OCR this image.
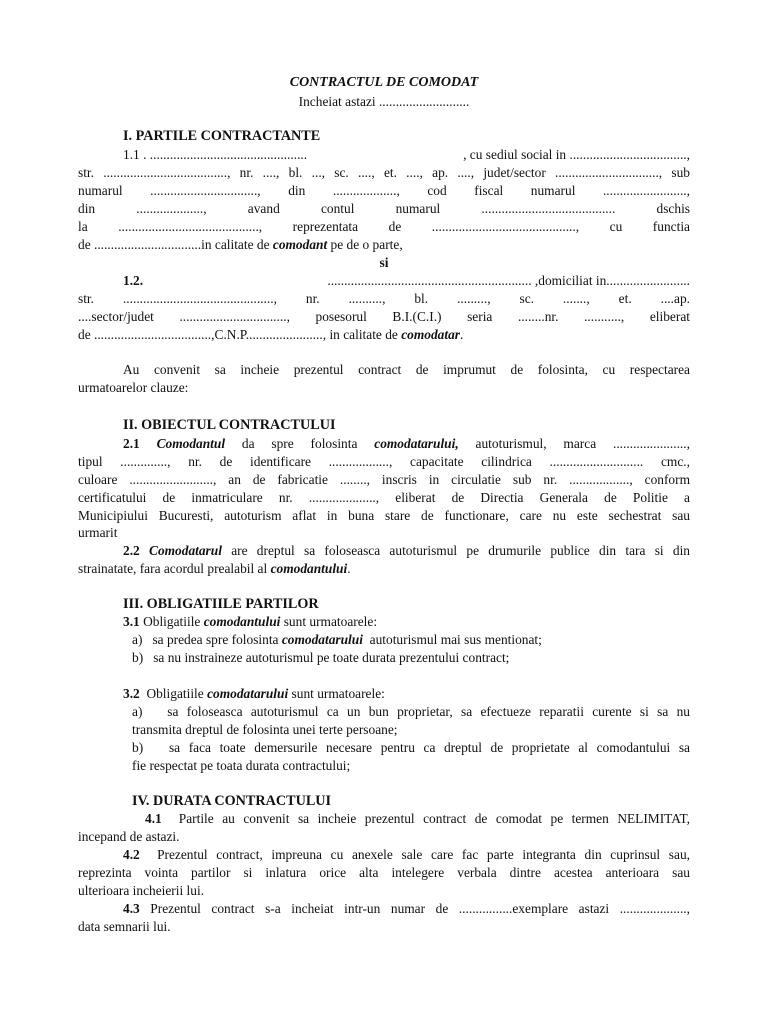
CONTRACTUL DE COMODAT
Incheiat astazi ...........................
I. PARTILE CONTRACTANTE
1.1 . ...............................................	, cu sediul social in ...................................,
str. ....................................., nr. ...., bl. ..., sc. ...., et. ...., ap. ...., judet/sector ..............................., sub
numarul ................................, din ..................., cod fiscal numarul .........................,
din ...................., avand contul numarul ........................................ dschis
la .........................................., reprezentata de ..........................................., cu functia
de ................................in calitate de comodant pe de o parte,
si
1.2.	............................................................. ,domiciliat in.........................
str. ............................................., nr. .........., bl. ........., sc. ......., et. ....ap.
....sector/judet ................................, posesorul B.I.(C.I.) seria ........nr. ..........., eliberat
de ...................................,C.N.P......................., in calitate de comodatar.
Au convenit sa incheie prezentul contract de imprumut de folosinta, cu respectarea
urmatoarelor clauze:
II. OBIECTUL CONTRACTULUI
2.1 Comodantul da spre folosinta comodatarului, autoturismul, marca ......................,
tipul .............., nr. de identificare .................., capacitate cilindrica ............................ cmc.,
culoare ........................., an de fabricatie ........, inscris in circulatie sub nr. .................., conform
certificatului de inmatriculare nr. ...................., eliberat de Directia Generala de Politie a
Municipiului Bucuresti, autoturism aflat in buna stare de functionare, care nu este sechestrat sau
urmarit
2.2 Comodatarul are dreptul sa foloseasca autoturismul pe drumurile publice din tara si din
strainatate, fara acordul prealabil al comodantului.
III. OBLIGATIILE PARTILOR
3.1 Obligatiile comodantului sunt urmatoarele:
a)   sa predea spre folosinta comodatarului  autoturismul mai sus mentionat;
b)   sa nu instraineze autoturismul pe toate durata prezentului contract;
3.2  Obligatiile comodatarului sunt urmatoarele:
a)   sa foloseasca autoturismul ca un bun proprietar, sa efectueze reparatii curente si sa nu
transmita dreptul de folosinta unei terte persoane;
b)   sa faca toate demersurile necesare pentru ca dreptul de proprietate al comodantului sa
fie respectat pe toata durata contractului;
IV. DURATA CONTRACTULUI
4.1  Partile au convenit sa incheie prezentul contract de comodat pe termen NELIMITAT,
incepand de astazi.
4.2  Prezentul contract, impreuna cu anexele sale care fac parte integranta din cuprinsul sau,
reprezinta vointa partilor si inlatura orice alta intelegere verbala dintre acestea anterioara sau
ulterioara incheierii lui.
4.3 Prezentul contract s-a incheiat intr-un numar de ................exemplare astazi ....................,
data semnarii lui.
